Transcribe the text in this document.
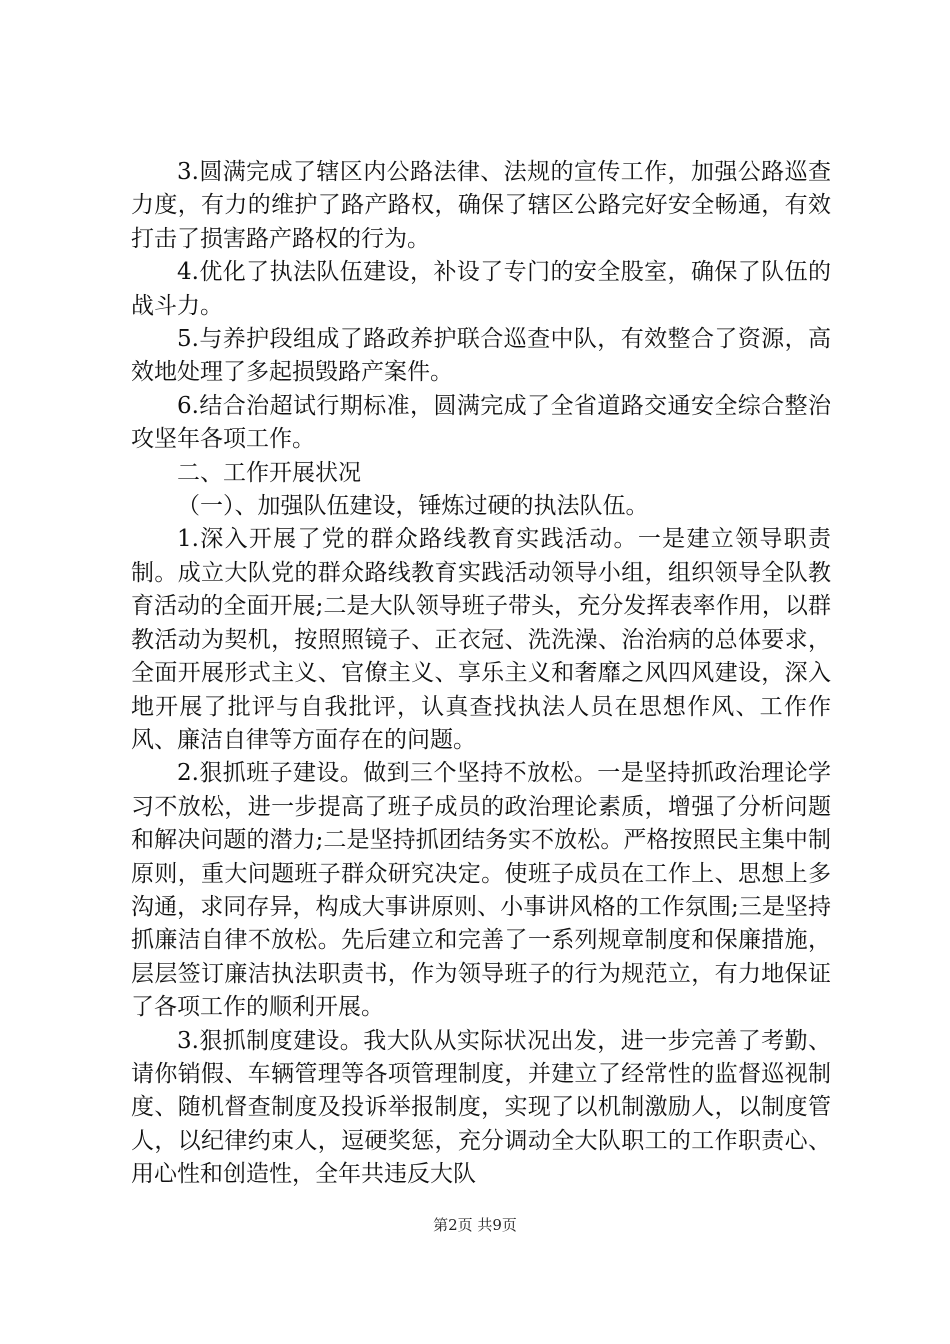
3.圆满完成了辖区内公路法律、法规的宣传工作，加强公路巡查力度，有力的维护了路产路权，确保了辖区公路完好安全畅通，有效打击了损害路产路权的行为。

4.优化了执法队伍建设，补设了专门的安全股室，确保了队伍的战斗力。

5.与养护段组成了路政养护联合巡查中队，有效整合了资源，高效地处理了多起损毁路产案件。

6.结合治超试行期标准，圆满完成了全省道路交通安全综合整治攻坚年各项工作。

二、工作开展状况

（一）、加强队伍建设，锤炼过硬的执法队伍。

1.深入开展了党的群众路线教育实践活动。一是建立领导职责制。成立大队党的群众路线教育实践活动领导小组，组织领导全队教育活动的全面开展;二是大队领导班子带头，充分发挥表率作用，以群教活动为契机，按照照镜子、正衣冠、洗洗澡、治治病的总体要求，全面开展形式主义、官僚主义、享乐主义和奢靡之风四风建设，深入地开展了批评与自我批评，认真查找执法人员在思想作风、工作作风、廉洁自律等方面存在的问题。

2.狠抓班子建设。做到三个坚持不放松。一是坚持抓政治理论学习不放松，进一步提高了班子成员的政治理论素质，增强了分析问题和解决问题的潜力;二是坚持抓团结务实不放松。严格按照民主集中制原则，重大问题班子群众研究决定。使班子成员在工作上、思想上多沟通，求同存异，构成大事讲原则、小事讲风格的工作氛围;三是坚持抓廉洁自律不放松。先后建立和完善了一系列规章制度和保廉措施，层层签订廉洁执法职责书，作为领导班子的行为规范立，有力地保证了各项工作的顺利开展。

3.狠抓制度建设。我大队从实际状况出发，进一步完善了考勤、请你销假、车辆管理等各项管理制度，并建立了经常性的监督巡视制度、随机督查制度及投诉举报制度，实现了以机制激励人，以制度管人，以纪律约束人，逗硬奖惩，充分调动全大队职工的工作职责心、用心性和创造性，全年共违反大队

第2页 共9页
